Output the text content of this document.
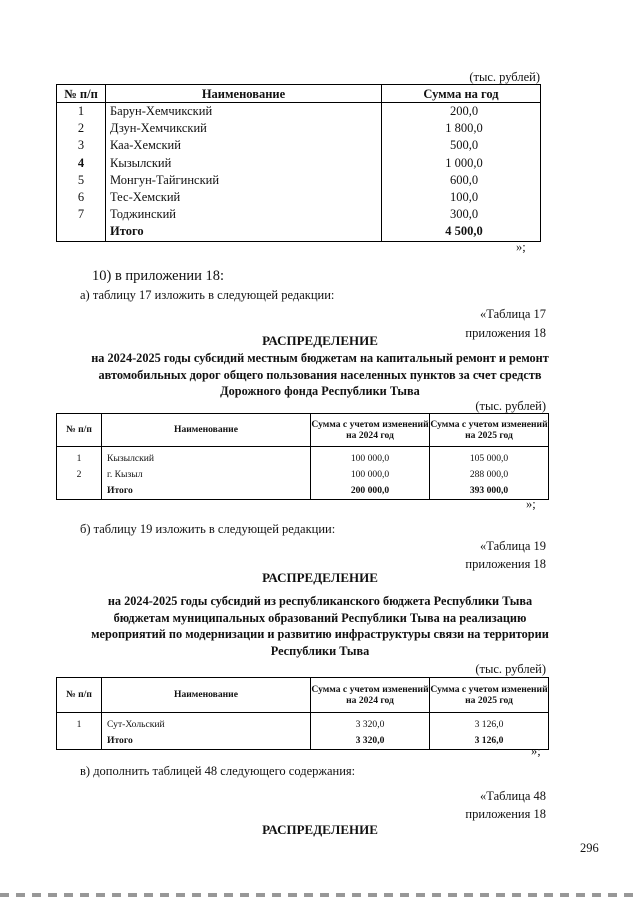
(тыс. рублей)
№ п/п	Наименование	Сумма на год
1	Барун-Хемчикский	200,0
2	Дзун-Хемчикский	1 800,0
3	Каа-Хемский	500,0
4	Кызылский	1 000,0
5	Монгун-Тайгинский	600,0
6	Тес-Хемский	100,0
7	Тоджинский	300,0
	Итого	4 500,0
»;
10) в приложении 18:
а) таблицу 17 изложить в следующей редакции:
«Таблица 17
приложения 18
РАСПРЕДЕЛЕНИЕ
на 2024-2025 годы субсидий местным бюджетам на капитальный ремонт и ремонт
автомобильных дорог общего пользования населенных пунктов за счет средств
Дорожного фонда Республики Тыва
(тыс. рублей)
№ п/п	Наименование	Сумма с учетом изменений на 2024 год	Сумма с учетом изменений на 2025 год

1	Кызылский	100 000,0	105 000,0
2	г. Кызыл	100 000,0	288 000,0
	Итого	200 000,0	393 000,0
»;
б) таблицу 19 изложить в следующей редакции:
«Таблица 19
приложения 18
РАСПРЕДЕЛЕНИЕ
на 2024-2025 годы субсидий из республиканского бюджета Республики Тыва
бюджетам муниципальных образований Республики Тыва на реализацию
мероприятий по модернизации и развитию инфраструктуры связи на территории
Республики Тыва
(тыс. рублей)
№ п/п	Наименование	Сумма с учетом изменений на 2024 год	Сумма с учетом изменений на 2025 год

1	Сут-Хольский	3 320,0	3 126,0
	Итого	3 320,0	3 126,0
»;
в) дополнить таблицей 48 следующего содержания:
«Таблица 48
приложения 18
РАСПРЕДЕЛЕНИЕ
296
